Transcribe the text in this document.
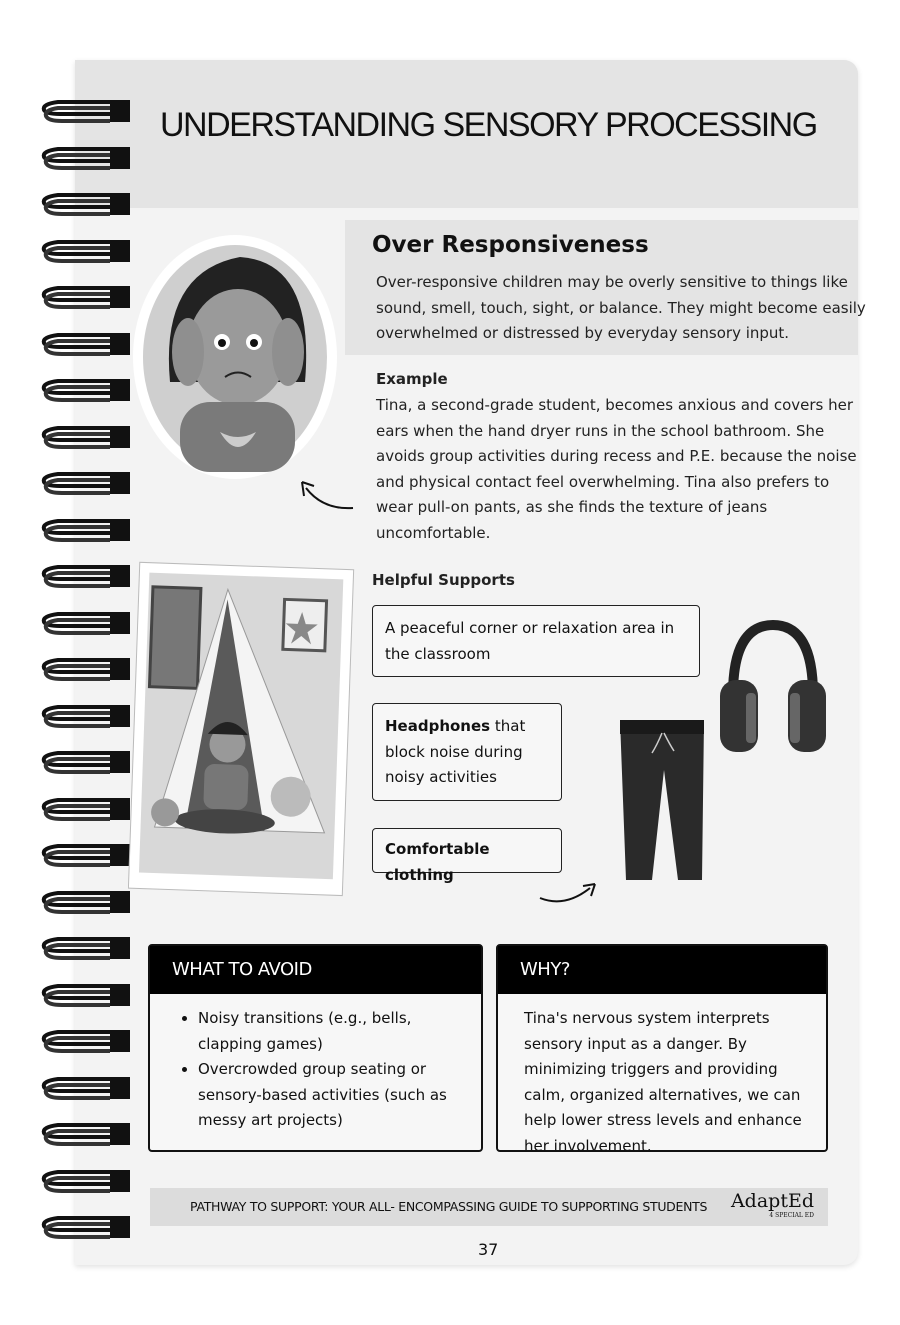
UNDERSTANDING SENSORY PROCESSING
Over Responsiveness
Over-responsive children may be overly sensitive to things like
sound, smell, touch, sight, or balance. They might become easily
overwhelmed or distressed by everyday sensory input.
Example
Tina, a second-grade student, becomes anxious and covers her
ears when the hand dryer runs in the school bathroom. She
avoids group activities during recess and P.E. because the noise
and physical contact feel overwhelming. Tina also prefers to
wear pull-on pants, as she finds the texture of jeans
uncomfortable.
Helpful Supports
A peaceful corner or relaxation area in the classroom
Headphones that block noise during noisy activities
Comfortable clothing
WHAT TO AVOID
• Noisy transitions (e.g., bells, clapping games)
• Overcrowded group seating or sensory-based activities (such as messy art projects)
WHY?
Tina's nervous system interprets sensory input as a danger. By minimizing triggers and providing calm, organized alternatives, we can help lower stress levels and enhance her involvement.
PATHWAY TO SUPPORT: YOUR ALL- ENCOMPASSING GUIDE TO SUPPORTING STUDENTS	AdaptEd
4 SPECIAL ED
37
